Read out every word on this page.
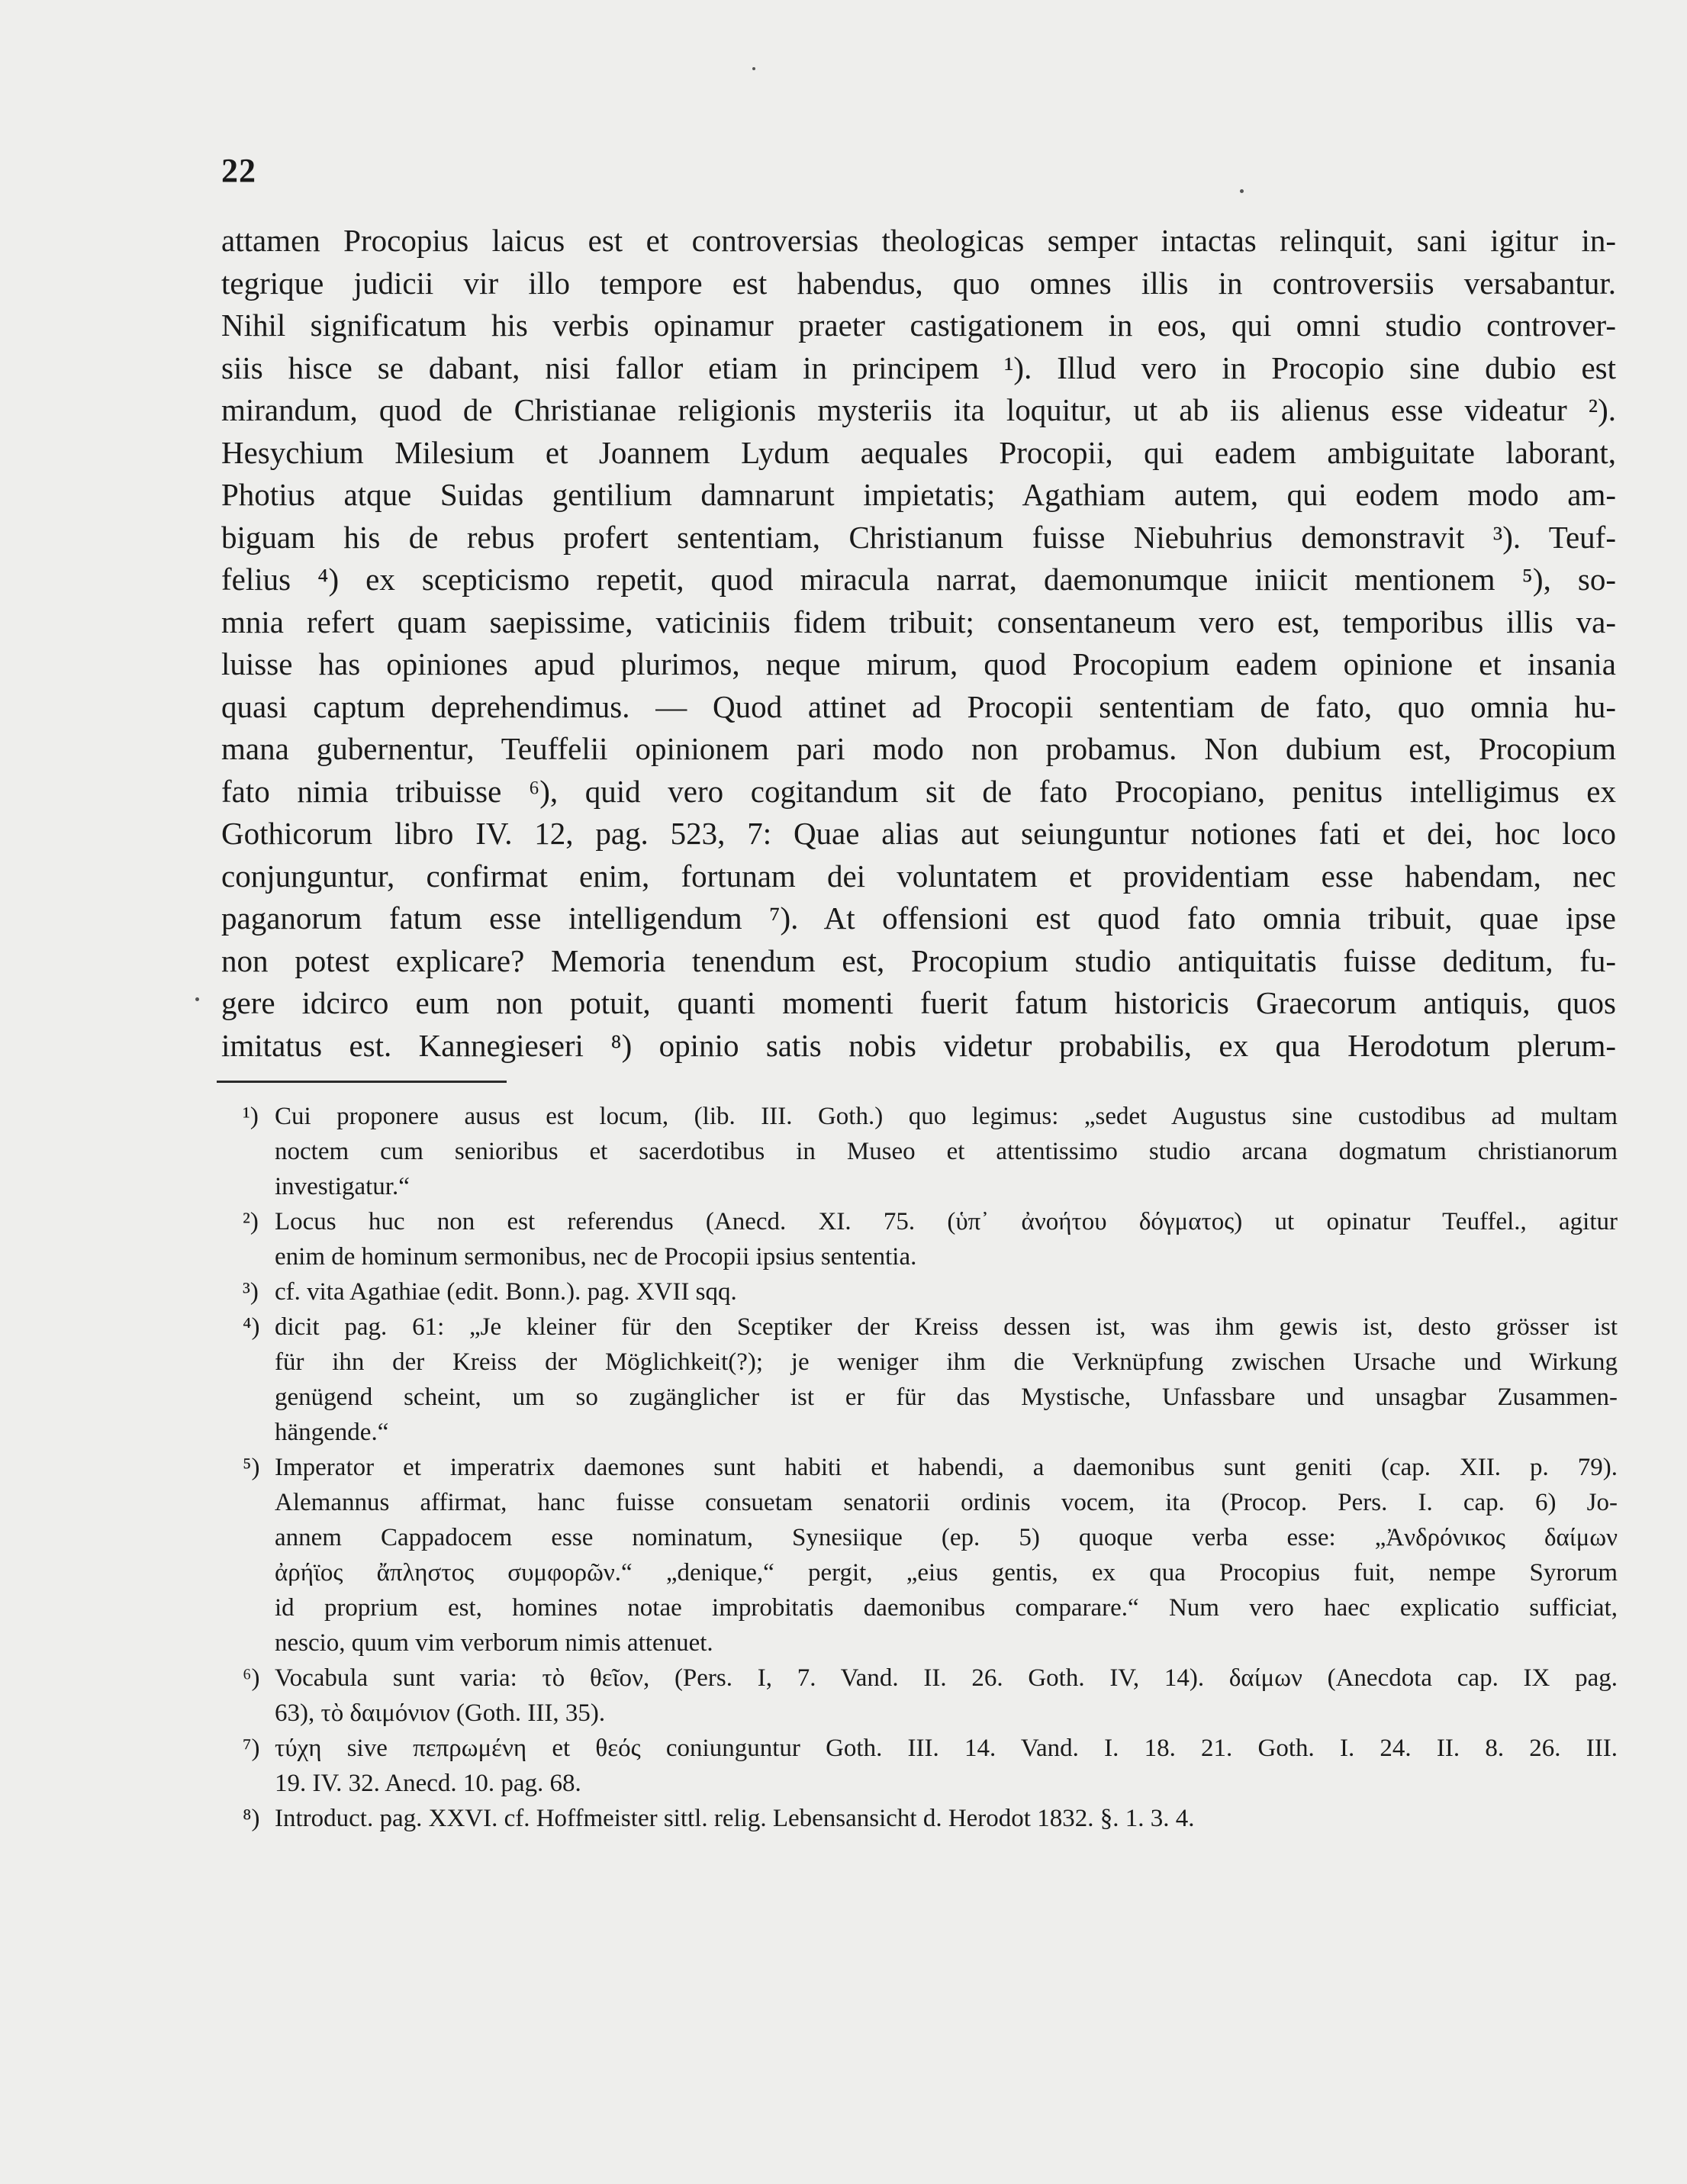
22
attamen Procopius laicus est et controversias theologicas semper intactas relinquit, sani igitur in-
tegrique judicii vir illo tempore est habendus, quo omnes illis in controversiis versabantur.
Nihil significatum his verbis opinamur praeter castigationem in eos, qui omni studio controver-
siis hisce se dabant, nisi fallor etiam in principem ¹). Illud vero in Procopio sine dubio est
mirandum, quod de Christianae religionis mysteriis ita loquitur, ut ab iis alienus esse videatur ²).
Hesychium Milesium et Joannem Lydum aequales Procopii, qui eadem ambiguitate laborant,
Photius atque Suidas gentilium damnarunt impietatis; Agathiam autem, qui eodem modo am-
biguam his de rebus profert sententiam, Christianum fuisse Niebuhrius demonstravit ³). Teuf-
felius ⁴) ex scepticismo repetit, quod miracula narrat, daemonumque iniicit mentionem ⁵), so-
mnia refert quam saepissime, vaticiniis fidem tribuit; consentaneum vero est, temporibus illis va-
luisse has opiniones apud plurimos, neque mirum, quod Procopium eadem opinione et insania
quasi captum deprehendimus. — Quod attinet ad Procopii sententiam de fato, quo omnia hu-
mana gubernentur, Teuffelii opinionem pari modo non probamus. Non dubium est, Procopium
fato nimia tribuisse ⁶), quid vero cogitandum sit de fato Procopiano, penitus intelligimus ex
Gothicorum libro IV. 12, pag. 523, 7: Quae alias aut seiunguntur notiones fati et dei, hoc loco
conjunguntur, confirmat enim, fortunam dei voluntatem et providentiam esse habendam, nec
paganorum fatum esse intelligendum ⁷). At offensioni est quod fato omnia tribuit, quae ipse
non potest explicare? Memoria tenendum est, Procopium studio antiquitatis fuisse deditum, fu-
gere idcirco eum non potuit, quanti momenti fuerit fatum historicis Graecorum antiquis, quos
imitatus est. Kannegieseri ⁸) opinio satis nobis videtur probabilis, ex qua Herodotum plerum-
¹) Cui proponere ausus est locum, (lib. III. Goth.) quo legimus: „sedet Augustus sine custodibus ad multam
noctem cum senioribus et sacerdotibus in Museo et attentissimo studio arcana dogmatum christianorum
investigatur.“
²) Locus huc non est referendus (Anecd. XI. 75. (ὑπ᾽ ἀνοήτου δόγματος) ut opinatur Teuffel., agitur
enim de hominum sermonibus, nec de Procopii ipsius sententia.
³) cf. vita Agathiae (edit. Bonn.). pag. XVII sqq.
⁴) dicit pag. 61: „Je kleiner für den Sceptiker der Kreiss dessen ist, was ihm gewis ist, desto grösser ist
für ihn der Kreiss der Möglichkeit(?); je weniger ihm die Verknüpfung zwischen Ursache und Wirkung
genügend scheint, um so zugänglicher ist er für das Mystische, Unfassbare und unsagbar Zusammen-
hängende.“
⁵) Imperator et imperatrix daemones sunt habiti et habendi, a daemonibus sunt geniti (cap. XII. p. 79).
Alemannus affirmat, hanc fuisse consuetam senatorii ordinis vocem, ita (Procop. Pers. I. cap. 6) Jo-
annem Cappadocem esse nominatum, Synesiique (ep. 5) quoque verba esse: „Ἀνδρόνικος δαίμων
ἀρήϊος ἄπληστος συμφορῶν.“ „denique,“ pergit, „eius gentis, ex qua Procopius fuit, nempe Syrorum
id proprium est, homines notae improbitatis daemonibus comparare.“ Num vero haec explicatio sufficiat,
nescio, quum vim verborum nimis attenuet.
⁶) Vocabula sunt varia: τὸ θεῖον, (Pers. I, 7. Vand. II. 26. Goth. IV, 14). δαίμων (Anecdota cap. IX pag.
63), τὸ δαιμόνιον (Goth. III, 35).
⁷) τύχη sive πεπρωμένη et θεός coniunguntur Goth. III. 14. Vand. I. 18. 21. Goth. I. 24. II. 8. 26. III.
19. IV. 32. Anecd. 10. pag. 68.
⁸) Introduct. pag. XXVI. cf. Hoffmeister sittl. relig. Lebensansicht d. Herodot 1832. §. 1. 3. 4.
